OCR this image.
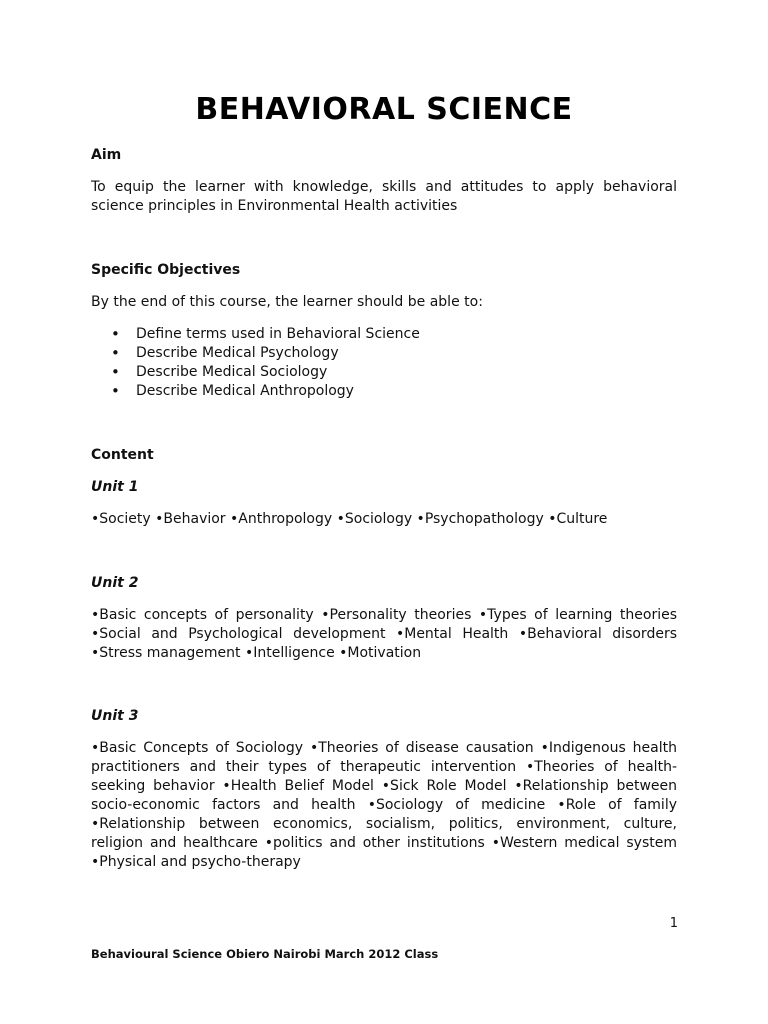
BEHAVIORAL SCIENCE

Aim

To equip the learner with knowledge, skills and attitudes to apply behavioral science principles in Environmental Health activities

Specific Objectives

By the end of this course, the learner should be able to:

• Define terms used in Behavioral Science
• Describe Medical Psychology
• Describe Medical Sociology
• Describe Medical Anthropology

Content

Unit 1

•Society •Behavior •Anthropology •Sociology •Psychopathology •Culture

Unit 2

•Basic concepts of personality •Personality theories •Types of learning theories •Social and Psychological development •Mental Health •Behavioral disorders •Stress management •Intelligence •Motivation

Unit 3

•Basic Concepts of Sociology •Theories of disease causation •Indigenous health practitioners and their types of therapeutic intervention •Theories of health-seeking behavior •Health Belief Model •Sick Role Model •Relationship between socio-economic factors and health •Sociology of medicine •Role of family •Relationship between economics, socialism, politics, environment, culture, religion and healthcare •politics and other institutions •Western medical system •Physical and psycho-therapy

1
Behavioural Science Obiero Nairobi March 2012 Class
